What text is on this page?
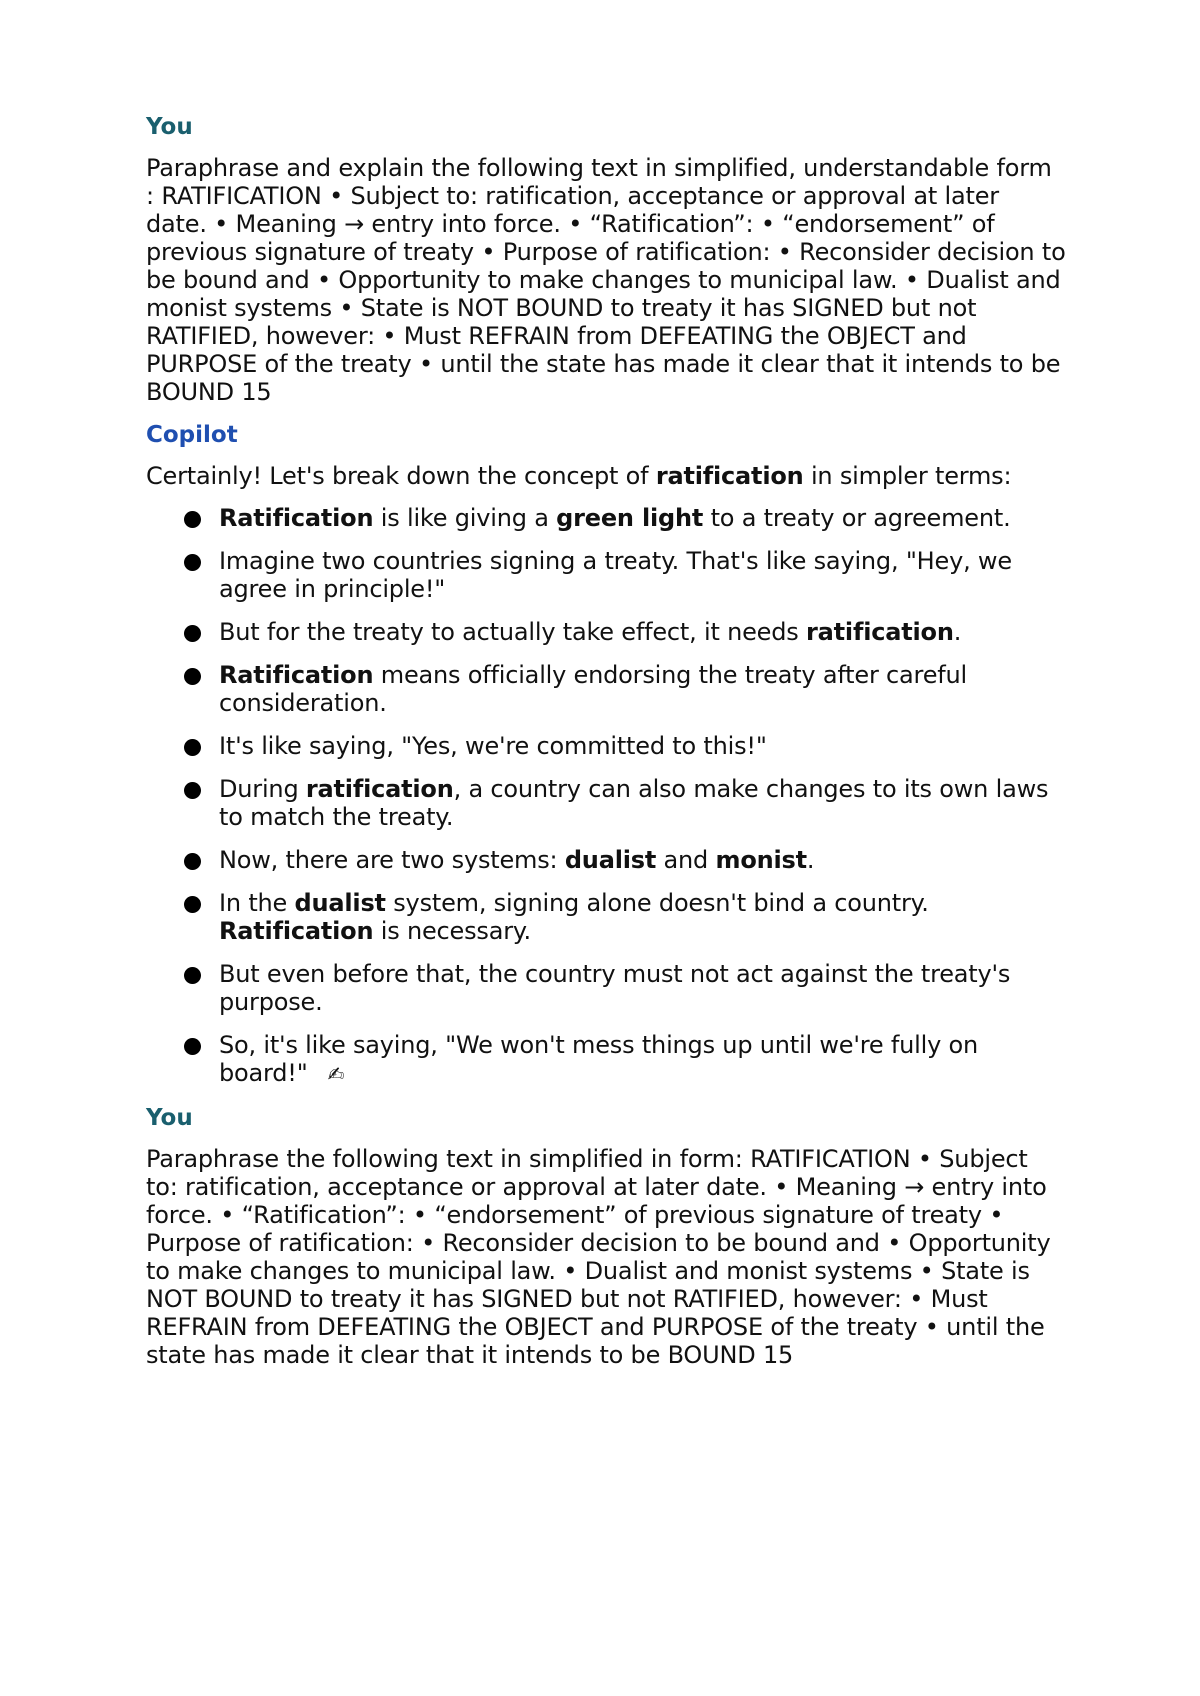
You

Paraphrase and explain the following text in simplified, understandable form : RATIFICATION • Subject to: ratification, acceptance or approval at later date. • Meaning → entry into force. • “Ratification”: • “endorsement” of previous signature of treaty • Purpose of ratification: • Reconsider decision to be bound and • Opportunity to make changes to municipal law. • Dualist and monist systems • State is NOT BOUND to treaty it has SIGNED but not RATIFIED, however: • Must REFRAIN from DEFEATING the OBJECT and PURPOSE of the treaty • until the state has made it clear that it intends to be BOUND 15

Copilot

Certainly! Let's break down the concept of ratification in simpler terms:

Ratification is like giving a green light to a treaty or agreement.
Imagine two countries signing a treaty. That's like saying, "Hey, we agree in principle!"
But for the treaty to actually take effect, it needs ratification.
Ratification means officially endorsing the treaty after careful consideration.
It's like saying, "Yes, we're committed to this!"
During ratification, a country can also make changes to its own laws to match the treaty.
Now, there are two systems: dualist and monist.
In the dualist system, signing alone doesn't bind a country. Ratification is necessary.
But even before that, the country must not act against the treaty's purpose.
So, it's like saying, "We won't mess things up until we're fully on board!" ✍
You

Paraphrase the following text in simplified in form: RATIFICATION • Subject to: ratification, acceptance or approval at later date. • Meaning → entry into force. • “Ratification”: • “endorsement” of previous signature of treaty • Purpose of ratification: • Reconsider decision to be bound and • Opportunity to make changes to municipal law. • Dualist and monist systems • State is NOT BOUND to treaty it has SIGNED but not RATIFIED, however: • Must REFRAIN from DEFEATING the OBJECT and PURPOSE of the treaty • until the state has made it clear that it intends to be BOUND 15
